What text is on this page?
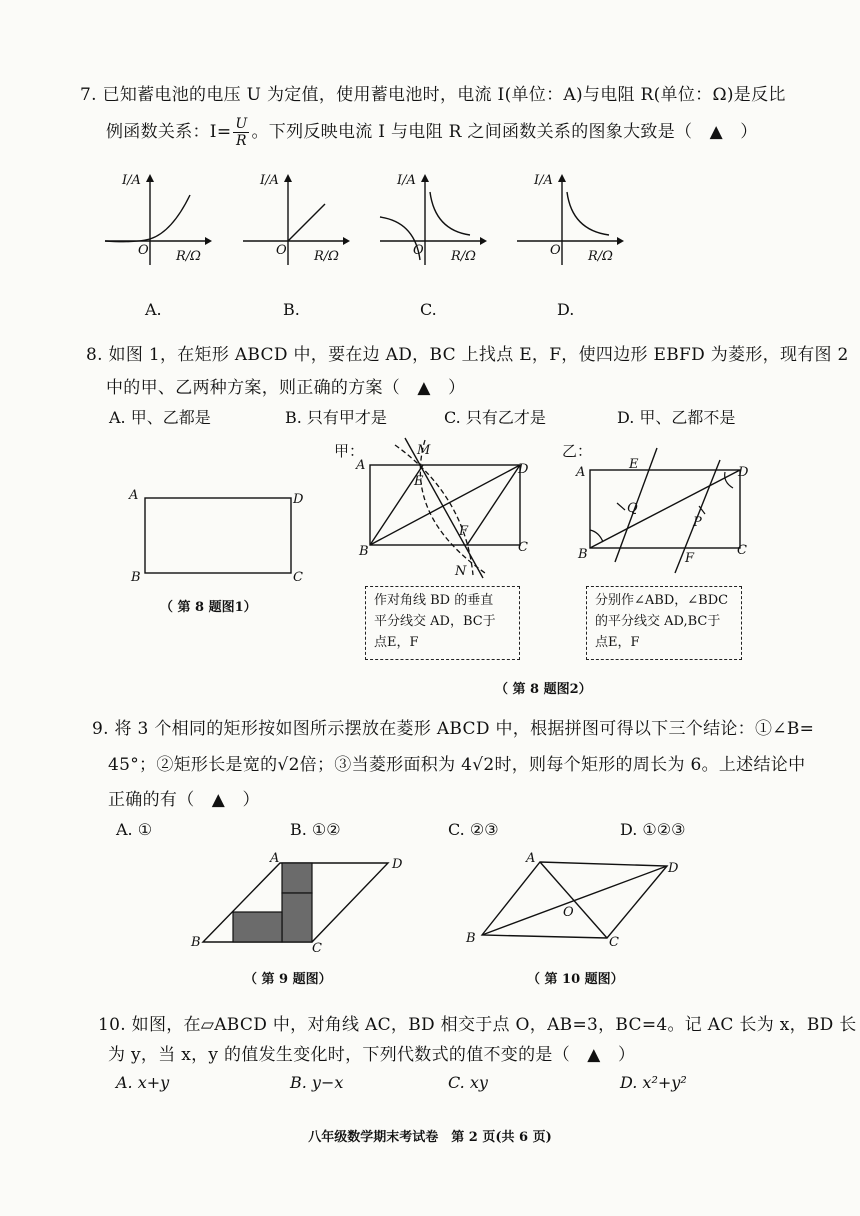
7. 已知蓄电池的电压 U 为定值，使用蓄电池时，电流 I(单位：A)与电阻 R(单位：Ω)是反比
例函数关系：$I= \frac{U}{R}$ 。下列反映电流 I 与电阻 R 之间函数关系的图象大致是（　▲　）
I/A
O R/Ω
I/A
O R/Ω
I/A
O R/Ω
I/A
O R/Ω
A.	B.	C.	D.
8. 如图 1，在矩形 ABCD 中，要在边 AD，BC 上找点 E，F，使四边形 EBFD 为菱形，现有图 2
中的甲、乙两种方案，则正确的方案（　▲　）
A. 甲、乙都是	B. 只有甲才是	C. 只有乙才是	D. 甲、乙都不是
A	D
B	C
（ 第 8 题图1）
甲：
A	D
B	C
M
E
F
N
作对角线 BD 的垂直
平分线交 AD，BC于
点E，F
乙：
A	D
B	C
E
Q
P
F
分别作∠ABD，∠BDC
的平分线交 AD,BC于
点E，F
（ 第 8 题图2）
9. 将 3 个相同的矩形按如图所示摆放在菱形 ABCD 中，根据拼图可得以下三个结论：①∠B=
45°；②矩形长是宽的√2倍；③当菱形面积为 4√2时，则每个矩形的周长为 6。上述结论中
正确的有（　▲　）
A. ①	B. ①②	C. ②③	D. ①②③
A	D
B	C
（ 第 9 题图）
A
D
B	C
O
（ 第 10 题图）
10. 如图，在▱ABCD 中，对角线 AC，BD 相交于点 O，AB=3，BC=4。记 AC 长为 x，BD 长
为 y，当 x，y 的值发生变化时，下列代数式的值不变的是（　▲　）
A. x+y	B. y−x	C. xy	D. x²+y²
八年级数学期末考试卷　第 2 页(共 6 页)
